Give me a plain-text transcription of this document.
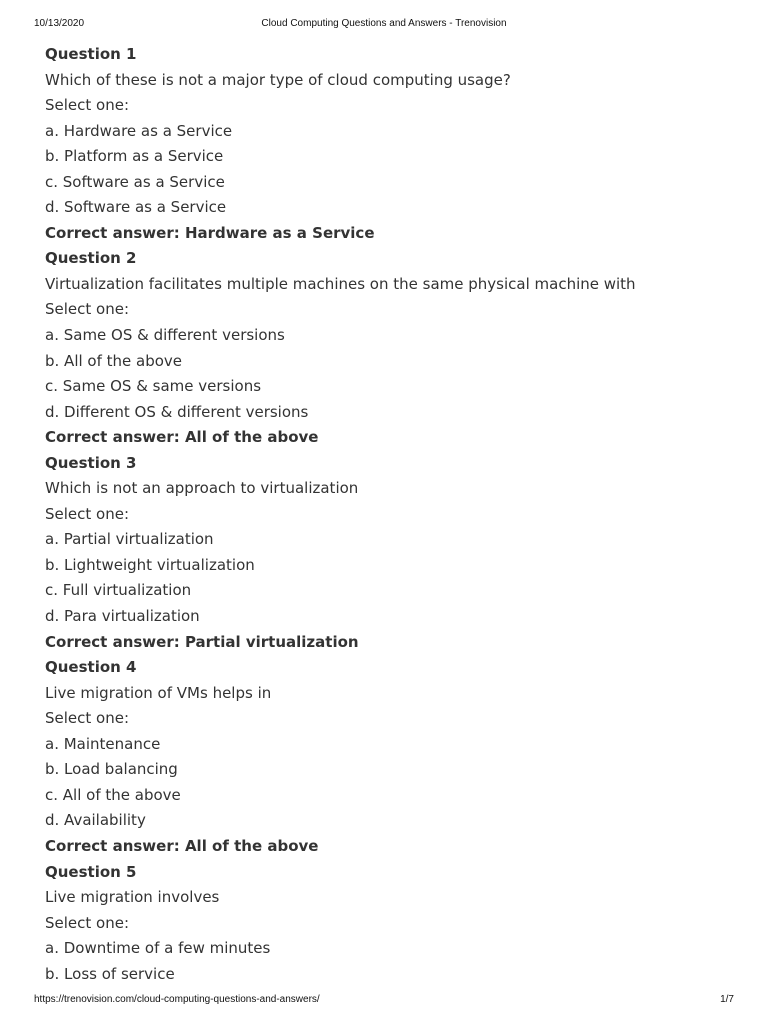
10/13/2020	Cloud Computing Questions and Answers - Trenovision
Question 1
Which of these is not a major type of cloud computing usage?
Select one:
a. Hardware as a Service
b. Platform as a Service
c. Software as a Service
d. Software as a Service
Correct answer: Hardware as a Service
Question 2
Virtualization facilitates multiple machines on the same physical machine with
Select one:
a. Same OS & different versions
b. All of the above
c. Same OS & same versions
d. Different OS & different versions
Correct answer: All of the above
Question 3
Which is not an approach to virtualization
Select one:
a. Partial virtualization
b. Lightweight virtualization
c. Full virtualization
d. Para virtualization
Correct answer: Partial virtualization
Question 4
Live migration of VMs helps in
Select one:
a. Maintenance
b. Load balancing
c. All of the above
d. Availability
Correct answer: All of the above
Question 5
Live migration involves
Select one:
a. Downtime of a few minutes
b. Loss of service
https://trenovision.com/cloud-computing-questions-and-answers/	1/7
